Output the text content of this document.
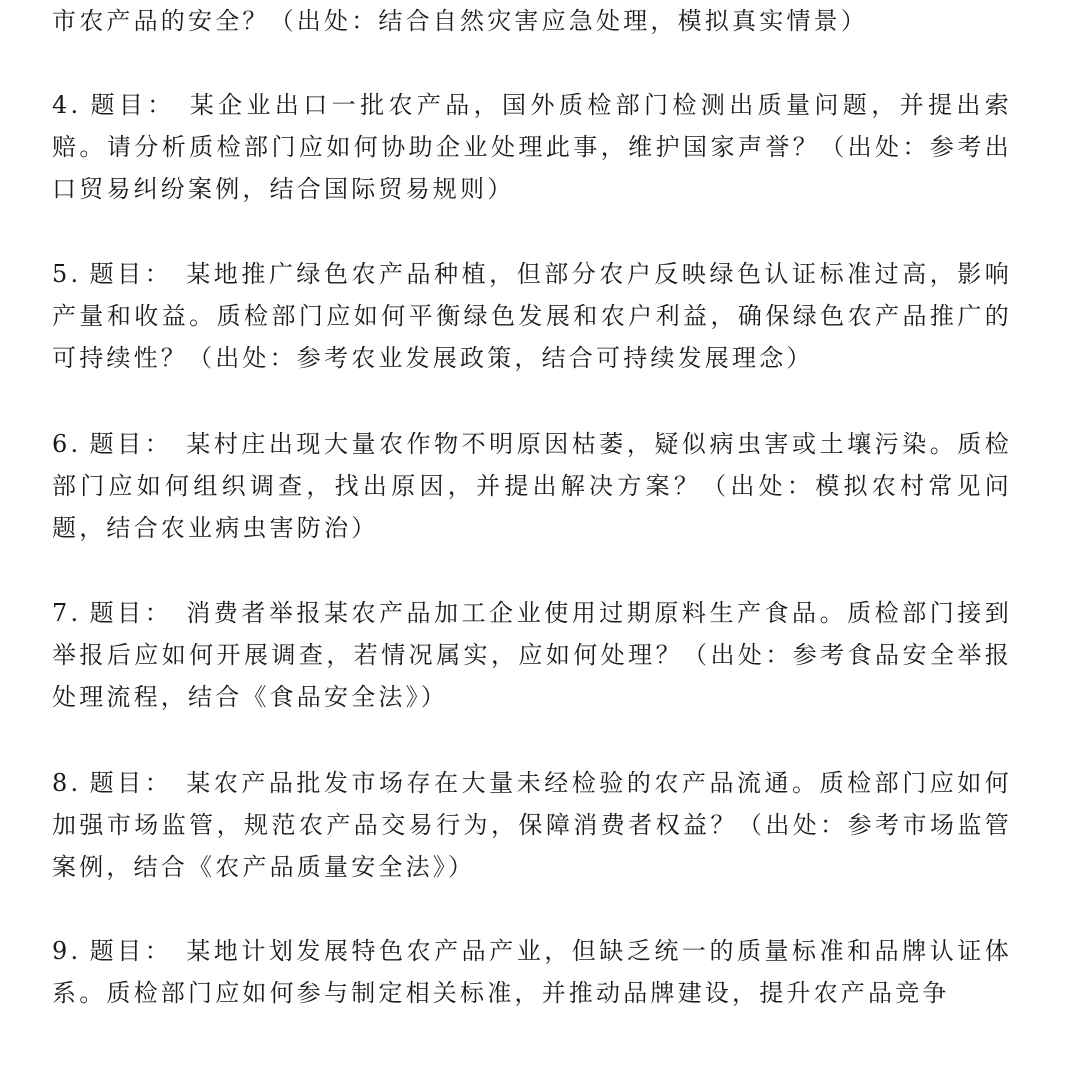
市农产品的安全？（出处：结合自然灾害应急处理，模拟真实情景）
4. 题目： 某企业出口一批农产品，国外质检部门检测出质量问题，并提出索赔。请分析质检部门应如何协助企业处理此事，维护国家声誉？（出处：参考出口贸易纠纷案例，结合国际贸易规则）
5. 题目： 某地推广绿色农产品种植，但部分农户反映绿色认证标准过高，影响产量和收益。质检部门应如何平衡绿色发展和农户利益，确保绿色农产品推广的可持续性？（出处：参考农业发展政策，结合可持续发展理念）
6. 题目： 某村庄出现大量农作物不明原因枯萎，疑似病虫害或土壤污染。质检部门应如何组织调查，找出原因，并提出解决方案？（出处：模拟农村常见问题，结合农业病虫害防治）
7. 题目： 消费者举报某农产品加工企业使用过期原料生产食品。质检部门接到举报后应如何开展调查，若情况属实，应如何处理？（出处：参考食品安全举报处理流程，结合《食品安全法》）
8. 题目： 某农产品批发市场存在大量未经检验的农产品流通。质检部门应如何加强市场监管，规范农产品交易行为，保障消费者权益？（出处：参考市场监管案例，结合《农产品质量安全法》）
9. 题目： 某地计划发展特色农产品产业，但缺乏统一的质量标准和品牌认证体系。质检部门应如何参与制定相关标准，并推动品牌建设，提升农产品竞争
